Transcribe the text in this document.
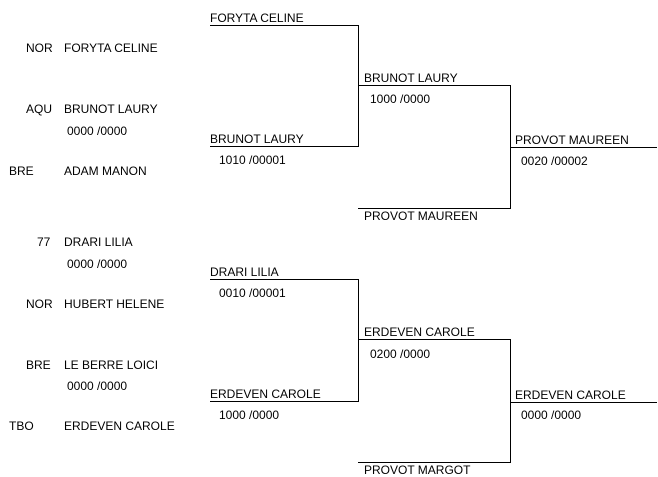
NOR FORYTA CELINE
AQU BRUNOT LAURY
0000 /0000
BRE	ADAM MANON
77 DRARI LILIA
0000 /0000
NOR HUBERT HELENE
BRE LE BERRE LOICI
0000 /0000
TBO	ERDEVEN CAROLE
FORYTA CELINE
BRUNOT LAURY
1010 /00001
DRARI LILIA
0010 /00001
ERDEVEN CAROLE
1000 /0000
BRUNOT LAURY
1000 /0000
PROVOT MAUREEN
ERDEVEN CAROLE
0200 /0000
PROVOT MARGOT
PROVOT MAUREEN
0020 /00002
ERDEVEN CAROLE
0000 /0000
